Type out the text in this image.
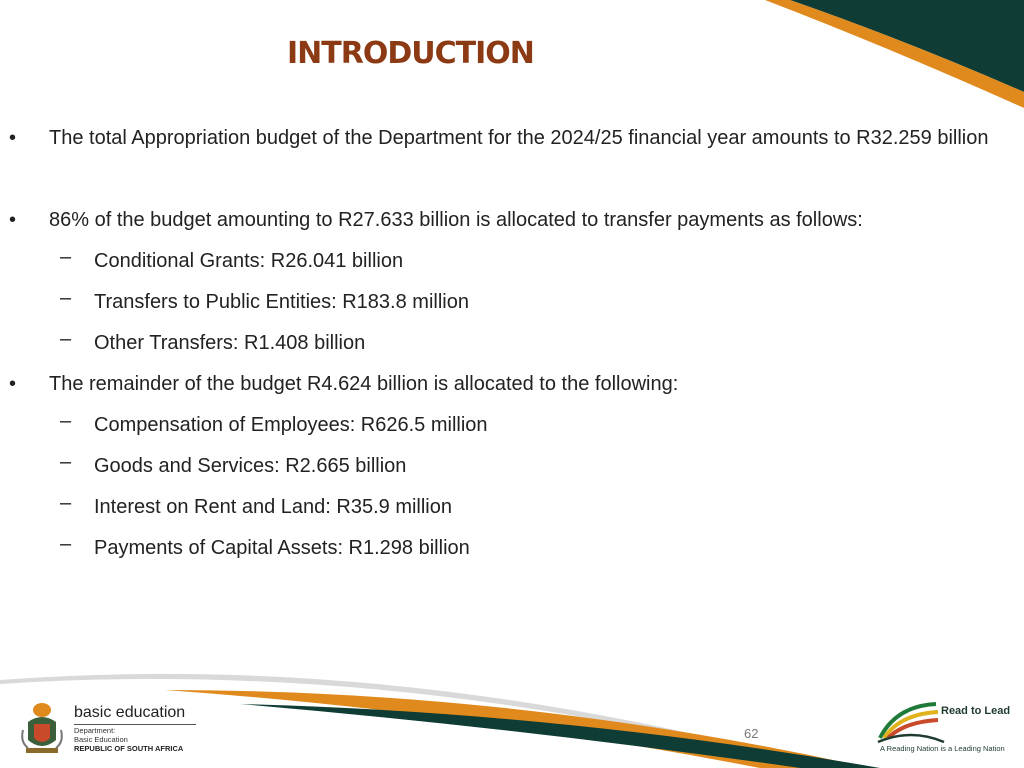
INTRODUCTION
• The total Appropriation budget of the Department for the 2024/25 financial year amounts to R32.259 billion
• 86% of the budget amounting to R27.633 billion is allocated to transfer payments as follows:
– Conditional Grants: R26.041 billion
– Transfers to Public Entities: R183.8 million
– Other Transfers: R1.408 billion
• The remainder of the budget R4.624 billion is allocated to the following:
– Compensation of Employees: R626.5 million
– Goods and Services: R2.665 billion
– Interest on Rent and Land: R35.9 million
– Payments of Capital Assets: R1.298 billion
62
basic education
Department:
Basic Education
REPUBLIC OF SOUTH AFRICA
Read to Lead
A Reading Nation is a Leading Nation
